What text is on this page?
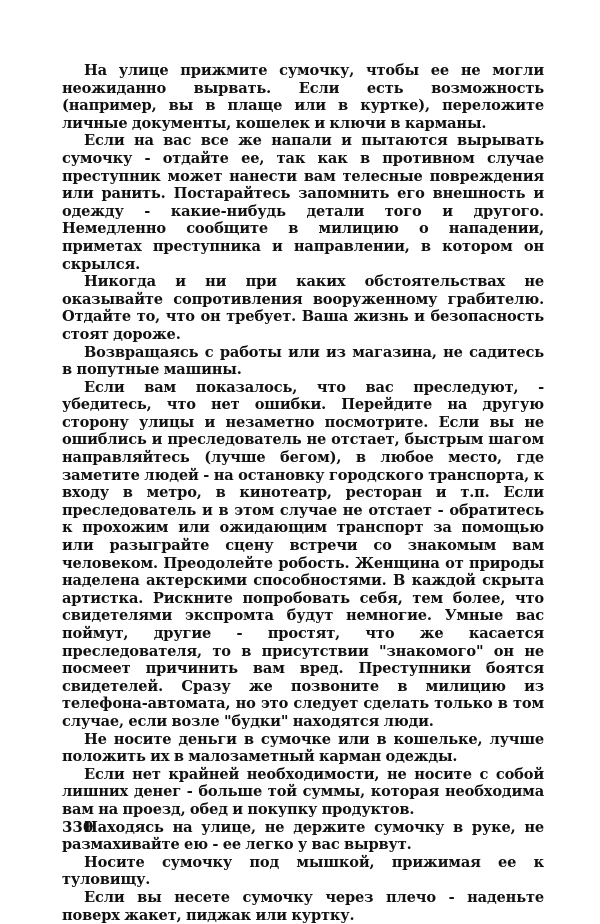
На улице прижмите сумочку, чтобы ее не могли неожиданно вырвать. Если есть возможность (например, вы в плаще или в куртке), переложите личные документы, кошелек и ключи в карманы.

Если на вас все же напали и пытаются вырывать сумочку - отдайте ее, так как в противном случае преступник может нанести вам телесные повреждения или ранить. Постарайтесь запомнить его внешность и одежду - какие-нибудь детали того и другого. Немедленно сообщите в милицию о нападении, приметах преступника и направлении, в котором он скрылся.

Никогда и ни при каких обстоятельствах не оказывайте сопротивления вооруженному грабителю. Отдайте то, что он требует. Ваша жизнь и безопасность стоят дороже.

Возвращаясь с работы или из магазина, не садитесь в попутные машины.

Если вам показалось, что вас преследуют, - убедитесь, что нет ошибки. Перейдите на другую сторону улицы и незаметно посмотрите. Если вы не ошиблись и преследователь не отстает, быстрым шагом направляйтесь (лучше бегом), в любое место, где заметите людей - на остановку городского транспорта, к входу в метро, в кинотеатр, ресторан и т.п. Если преследователь и в этом случае не отстает - обратитесь к прохожим или ожидающим транспорт за помощью или разыграйте сцену встречи со знакомым вам человеком. Преодолейте робость. Женщина от природы наделена актерскими способностями. В каждой скрыта артистка. Рискните попробовать себя, тем более, что свидетелями экспромта будут немногие. Умные вас поймут, другие - простят, что же касается преследователя, то в присутствии "знакомого" он не посмеет причинить вам вред. Преступники боятся свидетелей. Сразу же позвоните в милицию из телефона-автомата, но это следует сделать только в том случае, если возле "будки" находятся люди.

Не носите деньги в сумочке или в кошельке, лучше положить их в малозаметный карман одежды.

Если нет крайней необходимости, не носите с собой лишних денег - больше той суммы, которая необходима вам на проезд, обед и покупку продуктов.

Находясь на улице, не держите сумочку в руке, не размахивайте ею - ее легко у вас вырвут.

Носите сумочку под мышкой, прижимая ее к туловищу.

Если вы несете сумочку через плечо - наденьте поверх жакет, пиджак или куртку.

330
